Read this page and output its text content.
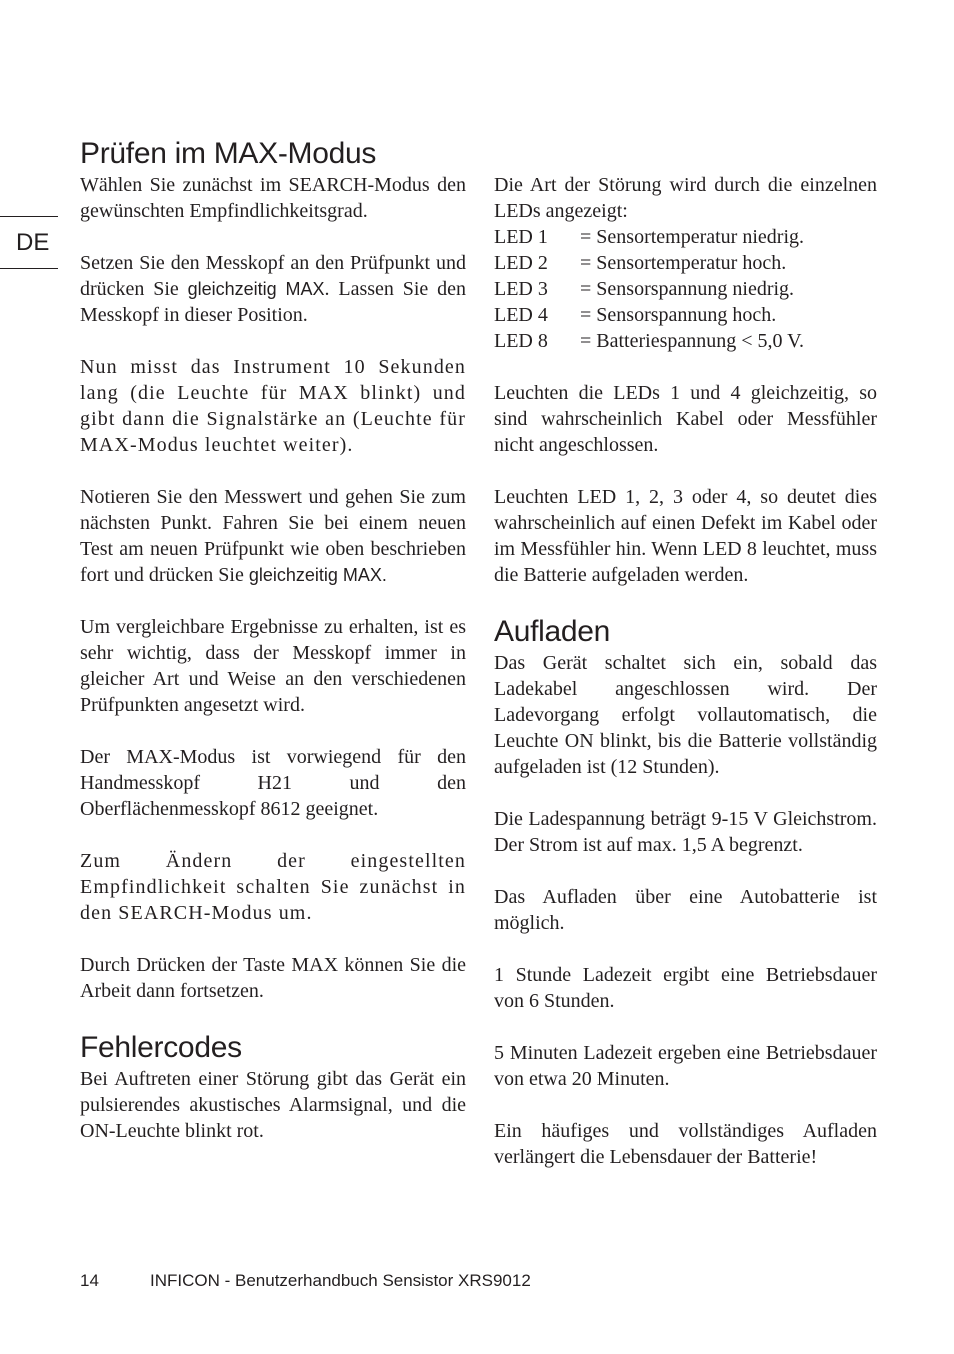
DE
Prüfen im MAX-Modus

Wählen Sie zunächst im SEARCH-Modus den gewünschten Empfindlichkeitsgrad.

Setzen Sie den Messkopf an den Prüfpunkt und drücken Sie gleichzeitig MAX. Lassen Sie den Messkopf in dieser Position.

Nun misst das Instrument 10 Sekunden lang (die Leuchte für MAX blinkt) und gibt dann die Signalstärke an (Leuchte für MAX-Modus leuchtet weiter).

Notieren Sie den Messwert und gehen Sie zum nächsten Punkt. Fahren Sie bei einem neuen Test am neuen Prüfpunkt wie oben beschrieben fort und drücken Sie gleichzeitig MAX.

Um vergleichbare Ergebnisse zu erhalten, ist es sehr wichtig, dass der Messkopf immer in gleicher Art und Weise an den verschiedenen Prüfpunkten angesetzt wird.

Der MAX-Modus ist vorwiegend für den Handmesskopf H21 und den Oberflächenmesskopf 8612 geeignet.

Zum Ändern der eingestellten Empfindlichkeit schalten Sie zunächst in den SEARCH-Modus um.

Durch Drücken der Taste MAX können Sie die Arbeit dann fortsetzen.

Fehlercodes

Bei Auftreten einer Störung gibt das Gerät ein pulsierendes akustisches Alarmsignal, und die ON-Leuchte blinkt rot.

Die Art der Störung wird durch die einzelnen LEDs angezeigt:

LED 1	= Sensortemperatur niedrig.
LED 2	= Sensortemperatur hoch.
LED 3	= Sensorspannung niedrig.
LED 4	= Sensorspannung hoch.
LED 8	= Batteriespannung < 5,0 V.

Leuchten die LEDs 1 und 4 gleichzeitig, so sind wahrscheinlich Kabel oder Messfühler nicht angeschlossen.

Leuchten LED 1, 2, 3 oder 4, so deutet dies wahrscheinlich auf einen Defekt im Kabel oder im Messfühler hin. Wenn LED 8 leuchtet, muss die Batterie aufgeladen werden.

Aufladen

Das Gerät schaltet sich ein, sobald das Ladekabel angeschlossen wird. Der Ladevorgang erfolgt vollautomatisch, die Leuchte ON blinkt, bis die Batterie vollständig aufgeladen ist (12 Stunden).

Die Ladespannung beträgt 9-15 V Gleichstrom. Der Strom ist auf max. 1,5 A begrenzt.

Das Aufladen über eine Autobatterie ist möglich.

1 Stunde Ladezeit ergibt eine Betriebsdauer von 6 Stunden.

5 Minuten Ladezeit ergeben eine Betriebsdauer von etwa 20 Minuten.

Ein häufiges und vollständiges Aufladen verlängert die Lebensdauer der Batterie!

14	INFICON - Benutzerhandbuch Sensistor XRS9012
